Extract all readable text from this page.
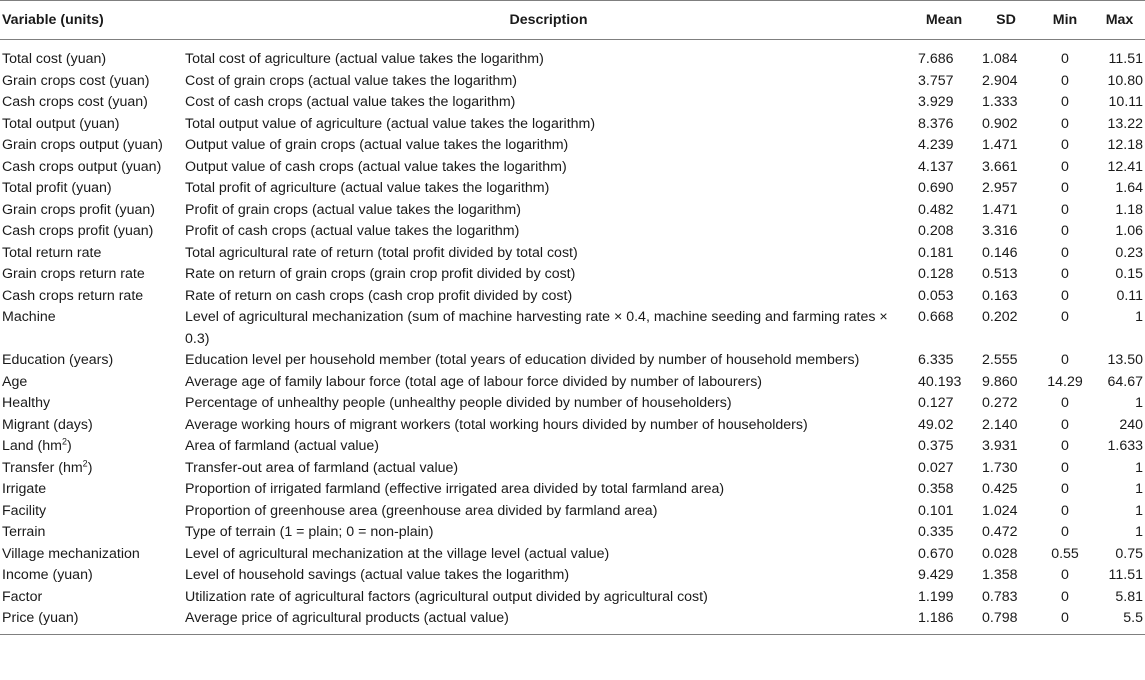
Variable (units)	Description	Mean	SD	Min	Max
Total cost (yuan)	Total cost of agriculture (actual value takes the logarithm)	7.686	1.084	0	11.51
Grain crops cost (yuan)	Cost of grain crops (actual value takes the logarithm)	3.757	2.904	0	10.80
Cash crops cost (yuan)	Cost of cash crops (actual value takes the logarithm)	3.929	1.333	0	10.11
Total output (yuan)	Total output value of agriculture (actual value takes the logarithm)	8.376	0.902	0	13.22
Grain crops output (yuan)	Output value of grain crops (actual value takes the logarithm)	4.239	1.471	0	12.18
Cash crops output (yuan)	Output value of cash crops (actual value takes the logarithm)	4.137	3.661	0	12.41
Total profit (yuan)	Total profit of agriculture (actual value takes the logarithm)	0.690	2.957	0	1.64
Grain crops profit (yuan)	Profit of grain crops (actual value takes the logarithm)	0.482	1.471	0	1.18
Cash crops profit (yuan)	Profit of cash crops (actual value takes the logarithm)	0.208	3.316	0	1.06
Total return rate	Total agricultural rate of return (total profit divided by total cost)	0.181	0.146	0	0.23
Grain crops return rate	Rate on return of grain crops (grain crop profit divided by cost)	0.128	0.513	0	0.15
Cash crops return rate	Rate of return on cash crops (cash crop profit divided by cost)	0.053	0.163	0	0.11
Machine	Level of agricultural mechanization (sum of machine harvesting rate × 0.4, machine seeding and farming rates × 0.3)	0.668	0.202	0	1
Education (years)	Education level per household member (total years of education divided by number of household members)	6.335	2.555	0	13.50
Age	Average age of family labour force (total age of labour force divided by number of labourers)	40.193	9.860	14.29	64.67
Healthy	Percentage of unhealthy people (unhealthy people divided by number of householders)	0.127	0.272	0	1
Migrant (days)	Average working hours of migrant workers (total working hours divided by number of householders)	49.02	2.140	0	240
Land $(hm^2)$	Area of farmland (actual value)	0.375	3.931	0	1.633
Transfer $(hm^2)$	Transfer-out area of farmland (actual value)	0.027	1.730	0	1
Irrigate	Proportion of irrigated farmland (effective irrigated area divided by total farmland area)	0.358	0.425	0	1
Facility	Proportion of greenhouse area (greenhouse area divided by farmland area)	0.101	1.024	0	1
Terrain	Type of terrain (1 = plain; 0 = non-plain)	0.335	0.472	0	1
Village mechanization	Level of agricultural mechanization at the village level (actual value)	0.670	0.028	0.55	0.75
Income (yuan)	Level of household savings (actual value takes the logarithm)	9.429	1.358	0	11.51
Factor	Utilization rate of agricultural factors (agricultural output divided by agricultural cost)	1.199	0.783	0	5.81
Price (yuan)	Average price of agricultural products (actual value)	1.186	0.798	0	5.5
